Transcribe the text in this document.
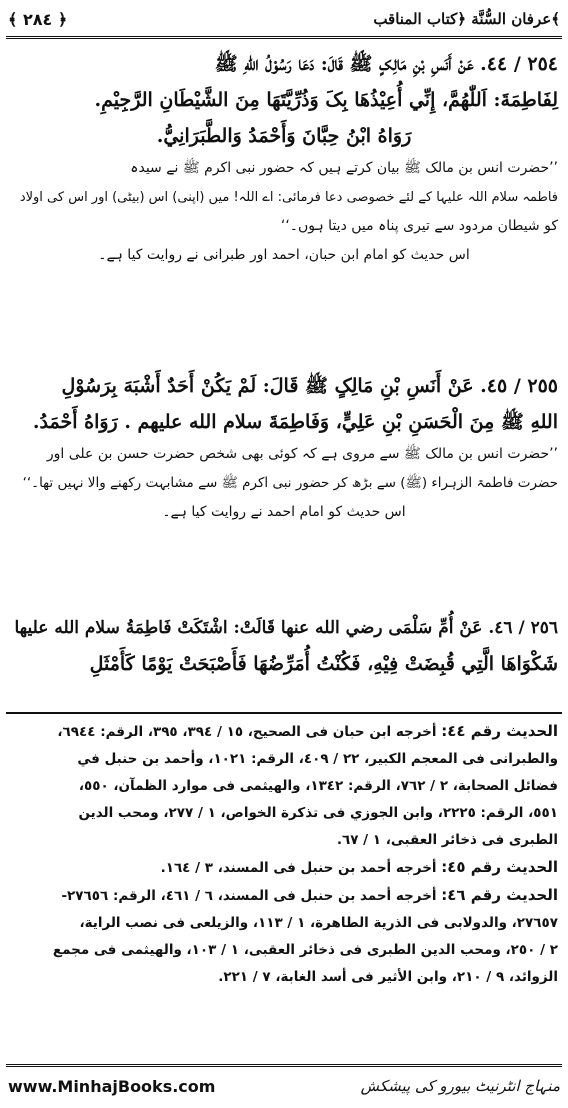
﴾ ٢٨٤ ﴿	﴾عرفان السُّنَّة ﴿كتاب المناقب
٢٥٤ / ٤٤. عَنْ أَنَسِ بْنِ مَالِکٍ ﷺ قَالَ: دَعَا رَسُوْلُ اللهِ ﷺ
لِفَاطِمَةَ: اَللّٰهُمَّ، إِنِّي أُعِيْذُهَا بِکَ وَذُرِّيَّتَهَا مِنَ الشَّيْطَانِ الرَّجِيْمِ.
رَوَاهُ ابْنُ حِبَّانَ وَأَحْمَدُ وَالطَّبَرَانِيُّ.
’’حضرت انس بن مالک ﷺ بیان کرتے ہیں کہ حضور نبی اکرم ﷺ نے سیدہ
فاطمہ سلام اللہ علیہا کے لئے خصوصی دعا فرمائی: اے اللہ! میں (اپنی) اس (بیٹی) اور اس کی اولاد
کو شیطان مردود سے تیری پناہ میں دیتا ہوں۔‘‘
اس حدیث کو امام ابن حبان، احمد اور طبرانی نے روایت کیا ہے۔
٢٥٥ / ٤٥. عَنْ أَنَسِ بْنِ مَالِکٍ ﷺ قَالَ: لَمْ يَکُنْ أَحَدٌ أَشْبَهَ بِرَسُوْلِ
اللهِ ﷺ مِنَ الْحَسَنِ بْنِ عَلِيٍّ، وَفَاطِمَةَ سلام الله عليهم . رَوَاهُ أَحْمَدُ.
’’حضرت انس بن مالک ﷺ سے مروی ہے کہ کوئی بھی شخص حضرت حسن بن علی اور
حضرت فاطمۃ الزہراء (ﷺ) سے بڑھ کر حضور نبی اکرم ﷺ سے مشابہت رکھنے والا نہیں تھا۔‘‘
اس حدیث کو امام احمد نے روایت کیا ہے۔
٢٥٦ / ٤٦. عَنْ أُمِّ سَلْمَى رضي الله عنها قَالَتْ: اشْتَکَتْ فَاطِمَةُ سلام الله عليها
شَکْوَاهَا الَّتِي قُبِضَتْ فِيْهِ، فَکُنْتُ أُمَرِّضُهَا فَأَصْبَحَتْ يَوْمًا کَأَمْثَلِ
الحديث رقم ٤٤: أخرجه ابن حبان فی الصحيح، ١٥ / ٣٩٤، ٣٩٥، الرقم: ٦٩٤٤،
والطبرانی فی المعجم الکبير، ٢٢ / ٤٠٩، الرقم: ١٠٢١، وأحمد بن حنبل في
فضائل الصحابة، ٢ / ٧٦٢، الرقم: ١٣٤٢، والهيثمی فی موارد الظمآن، ٥٥٠،
٥٥١، الرقم: ٢٢٢٥، وابن الجوزي فی تذکرة الخواص، ١ / ٢٧٧، ومحب الدين
الطبری فی ذخائر العقبی، ١ / ٦٧.
الحديث رقم ٤٥: أخرجه أحمد بن حنبل فی المسند، ٣ / ١٦٤.
الحديث رقم ٤٦: أخرجه أحمد بن حنبل فی المسند، ٦ / ٤٦١، الرقم: ٢٧٦٥٦-
٢٧٦٥٧، والدولابی فی الذرية الطاهرة، ١ / ١١٣، والزيلعی فی نصب الراية،
٢ / ٢٥٠، ومحب الدين الطبری فی ذخائر العقبی، ١ / ١٠٣، والهيثمی فی مجمع
الزوائد، ٩ / ٢١٠، وابن الأثير فی أسد الغابة، ٧ / ٢٢١.
www.MinhajBooks.com	منہاج انٹرنیٹ بیورو کی پیشکش
